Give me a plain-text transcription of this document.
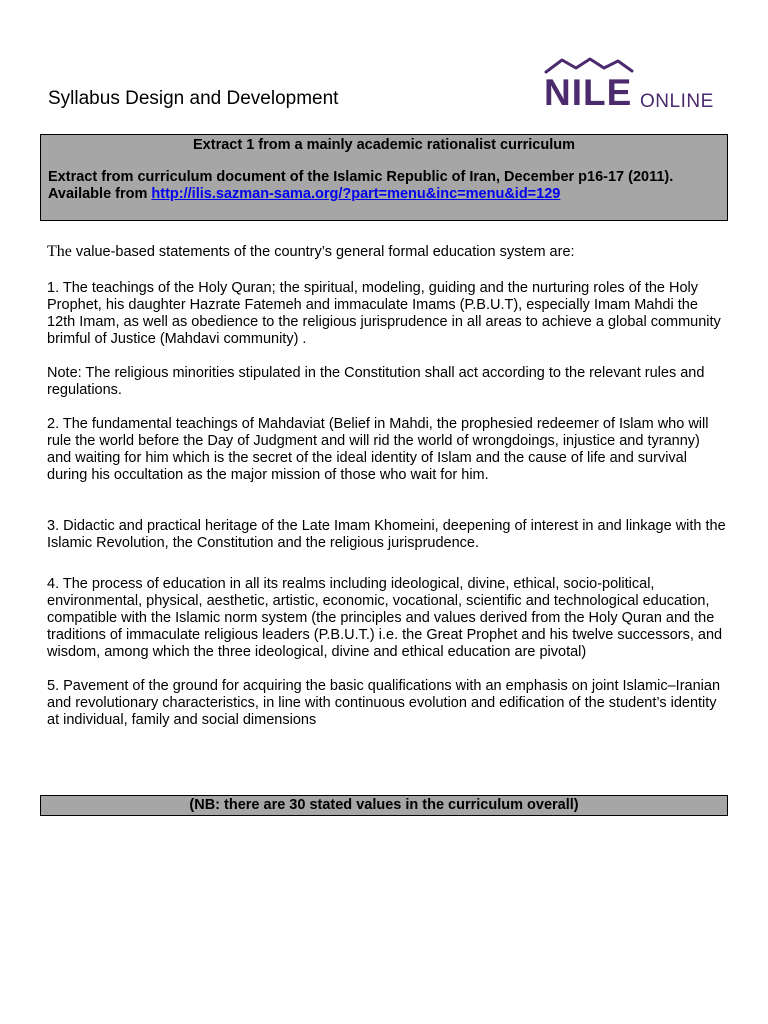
Syllabus Design and Development	NILE ONLINE
Extract 1 from a mainly academic rationalist curriculum
Extract from curriculum document of the Islamic Republic of Iran, December p16-17 (2011). Available from http://ilis.sazman-sama.org/?part=menu&inc=menu&id=129

The value-based statements of the country’s general formal education system are:

1. The teachings of the Holy Quran; the spiritual, modeling, guiding and the nurturing roles of the Holy Prophet, his daughter Hazrate Fatemeh and immaculate Imams (P.B.U.T), especially Imam Mahdi the 12th Imam, as well as obedience to the religious jurisprudence in all areas to achieve a global community brimful of Justice (Mahdavi community) .

Note: The religious minorities stipulated in the Constitution shall act according to the relevant rules and regulations.

2. The fundamental teachings of Mahdaviat (Belief in Mahdi, the prophesied redeemer of Islam who will rule the world before the Day of Judgment and will rid the world of wrongdoings, injustice and tyranny) and waiting for him which is the secret of the ideal identity of Islam and the cause of life and survival during his occultation as the major mission of those who wait for him.

3. Didactic and practical heritage of the Late Imam Khomeini, deepening of interest in and linkage with the Islamic Revolution, the Constitution and the religious jurisprudence.

4. The process of education in all its realms including ideological, divine, ethical, socio-political, environmental, physical, aesthetic, artistic, economic, vocational, scientific and technological education, compatible with the Islamic norm system (the principles and values derived from the Holy Quran and the traditions of immaculate religious leaders (P.B.U.T.) i.e. the Great Prophet and his twelve successors, and wisdom, among which the three ideological, divine and ethical education are pivotal)

5. Pavement of the ground for acquiring the basic qualifications with an emphasis on joint Islamic–Iranian and revolutionary characteristics, in line with continuous evolution and edification of the student’s identity at individual, family and social dimensions

(NB: there are 30 stated values in the curriculum overall)
